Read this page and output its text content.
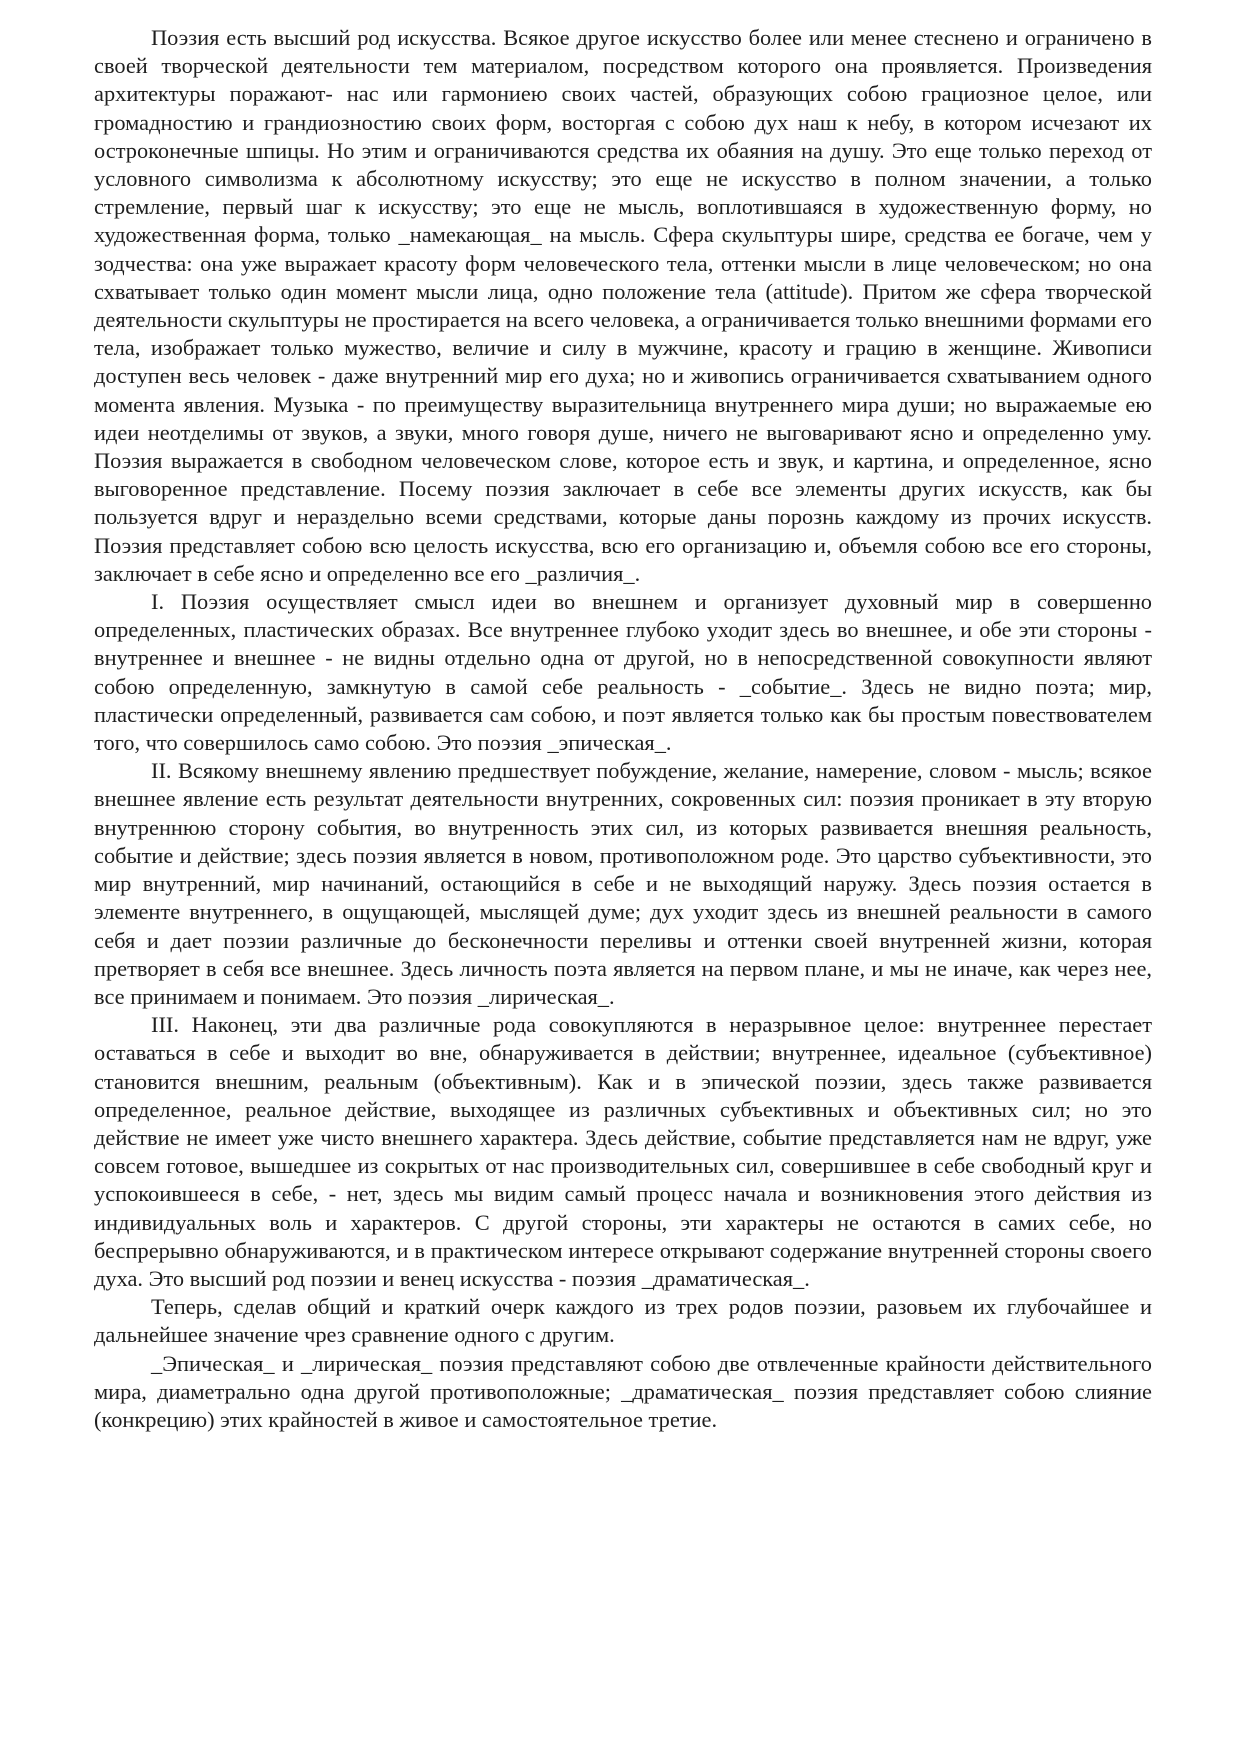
Поэзия есть высший род искусства. Всякое другое искусство более или менее стеснено и ограничено в своей творческой деятельности тем материалом, посредством которого она проявляется. Произведения архитектуры поражают- нас или гармониею своих частей, образующих собою грациозное целое, или громадностию и грандиозностию своих форм, восторгая с собою дух наш к небу, в котором исчезают их остроконечные шпицы. Но этим и ограничиваются средства их обаяния на душу. Это еще только переход от условного символизма к абсолютному искусству; это еще не искусство в полном значении, а только стремление, первый шаг к искусству; это еще не мысль, воплотившаяся в художественную форму, но художественная форма, только _намекающая_ на мысль. Сфера скульптуры шире, средства ее богаче, чем у зодчества: она уже выражает красоту форм человеческого тела, оттенки мысли в лице человеческом; но она схватывает только один момент мысли лица, одно положение тела (attitude). Притом же сфера творческой деятельности скульптуры не простирается на всего человека, а ограничивается только внешними формами его тела, изображает только мужество, величие и силу в мужчине, красоту и грацию в женщине. Живописи доступен весь человек - даже внутренний мир его духа; но и живопись ограничивается схватыванием одного момента явления. Музыка - по преимуществу выразительница внутреннего мира души; но выражаемые ею идеи неотделимы от звуков, а звуки, много говоря душе, ничего не выговаривают ясно и определенно уму. Поэзия выражается в свободном человеческом слове, которое есть и звук, и картина, и определенное, ясно выговоренное представление. Посему поэзия заключает в себе все элементы других искусств, как бы пользуется вдруг и нераздельно всеми средствами, которые даны порознь каждому из прочих искусств. Поэзия представляет собою всю целость искусства, всю его организацию и, объемля собою все его стороны, заключает в себе ясно и определенно все его _различия_.

I. Поэзия осуществляет смысл идеи во внешнем и организует духовный мир в совершенно определенных, пластических образах. Все внутреннее глубоко уходит здесь во внешнее, и обе эти стороны - внутреннее и внешнее - не видны отдельно одна от другой, но в непосредственной совокупности являют собою определенную, замкнутую в самой себе реальность - _событие_. Здесь не видно поэта; мир, пластически определенный, развивается сам собою, и поэт является только как бы простым повествователем того, что совершилось само собою. Это поэзия _эпическая_.

II. Всякому внешнему явлению предшествует побуждение, желание, намерение, словом - мысль; всякое внешнее явление есть результат деятельности внутренних, сокровенных сил: поэзия проникает в эту вторую внутреннюю сторону события, во внутренность этих сил, из которых развивается внешняя реальность, событие и действие; здесь поэзия является в новом, противоположном роде. Это царство субъективности, это мир внутренний, мир начинаний, остающийся в себе и не выходящий наружу. Здесь поэзия остается в элементе внутреннего, в ощущающей, мыслящей думе; дух уходит здесь из внешней реальности в самого себя и дает поэзии различные до бесконечности переливы и оттенки своей внутренней жизни, которая претворяет в себя все внешнее. Здесь личность поэта является на первом плане, и мы не иначе, как через нее, все принимаем и понимаем. Это поэзия _лирическая_.

III. Наконец, эти два различные рода совокупляются в неразрывное целое: внутреннее перестает оставаться в себе и выходит во вне, обнаруживается в действии; внутреннее, идеальное (субъективное) становится внешним, реальным (объективным). Как и в эпической поэзии, здесь также развивается определенное, реальное действие, выходящее из различных субъективных и объективных сил; но это действие не имеет уже чисто внешнего характера. Здесь действие, событие представляется нам не вдруг, уже совсем готовое, вышедшее из сокрытых от нас производительных сил, совершившее в себе свободный круг и успокоившееся в себе, - нет, здесь мы видим самый процесс начала и возникновения этого действия из индивидуальных воль и характеров. С другой стороны, эти характеры не остаются в самих себе, но беспрерывно обнаруживаются, и в практическом интересе открывают содержание внутренней стороны своего духа. Это высший род поэзии и венец искусства - поэзия _драматическая_.

Теперь, сделав общий и краткий очерк каждого из трех родов поэзии, разовьем их глубочайшее и дальнейшее значение чрез сравнение одного с другим.

_Эпическая_ и _лирическая_ поэзия представляют собою две отвлеченные крайности действительного мира, диаметрально одна другой противоположные; _драматическая_ поэзия представляет собою слияние (конкрецию) этих крайностей в живое и самостоятельное третие.
